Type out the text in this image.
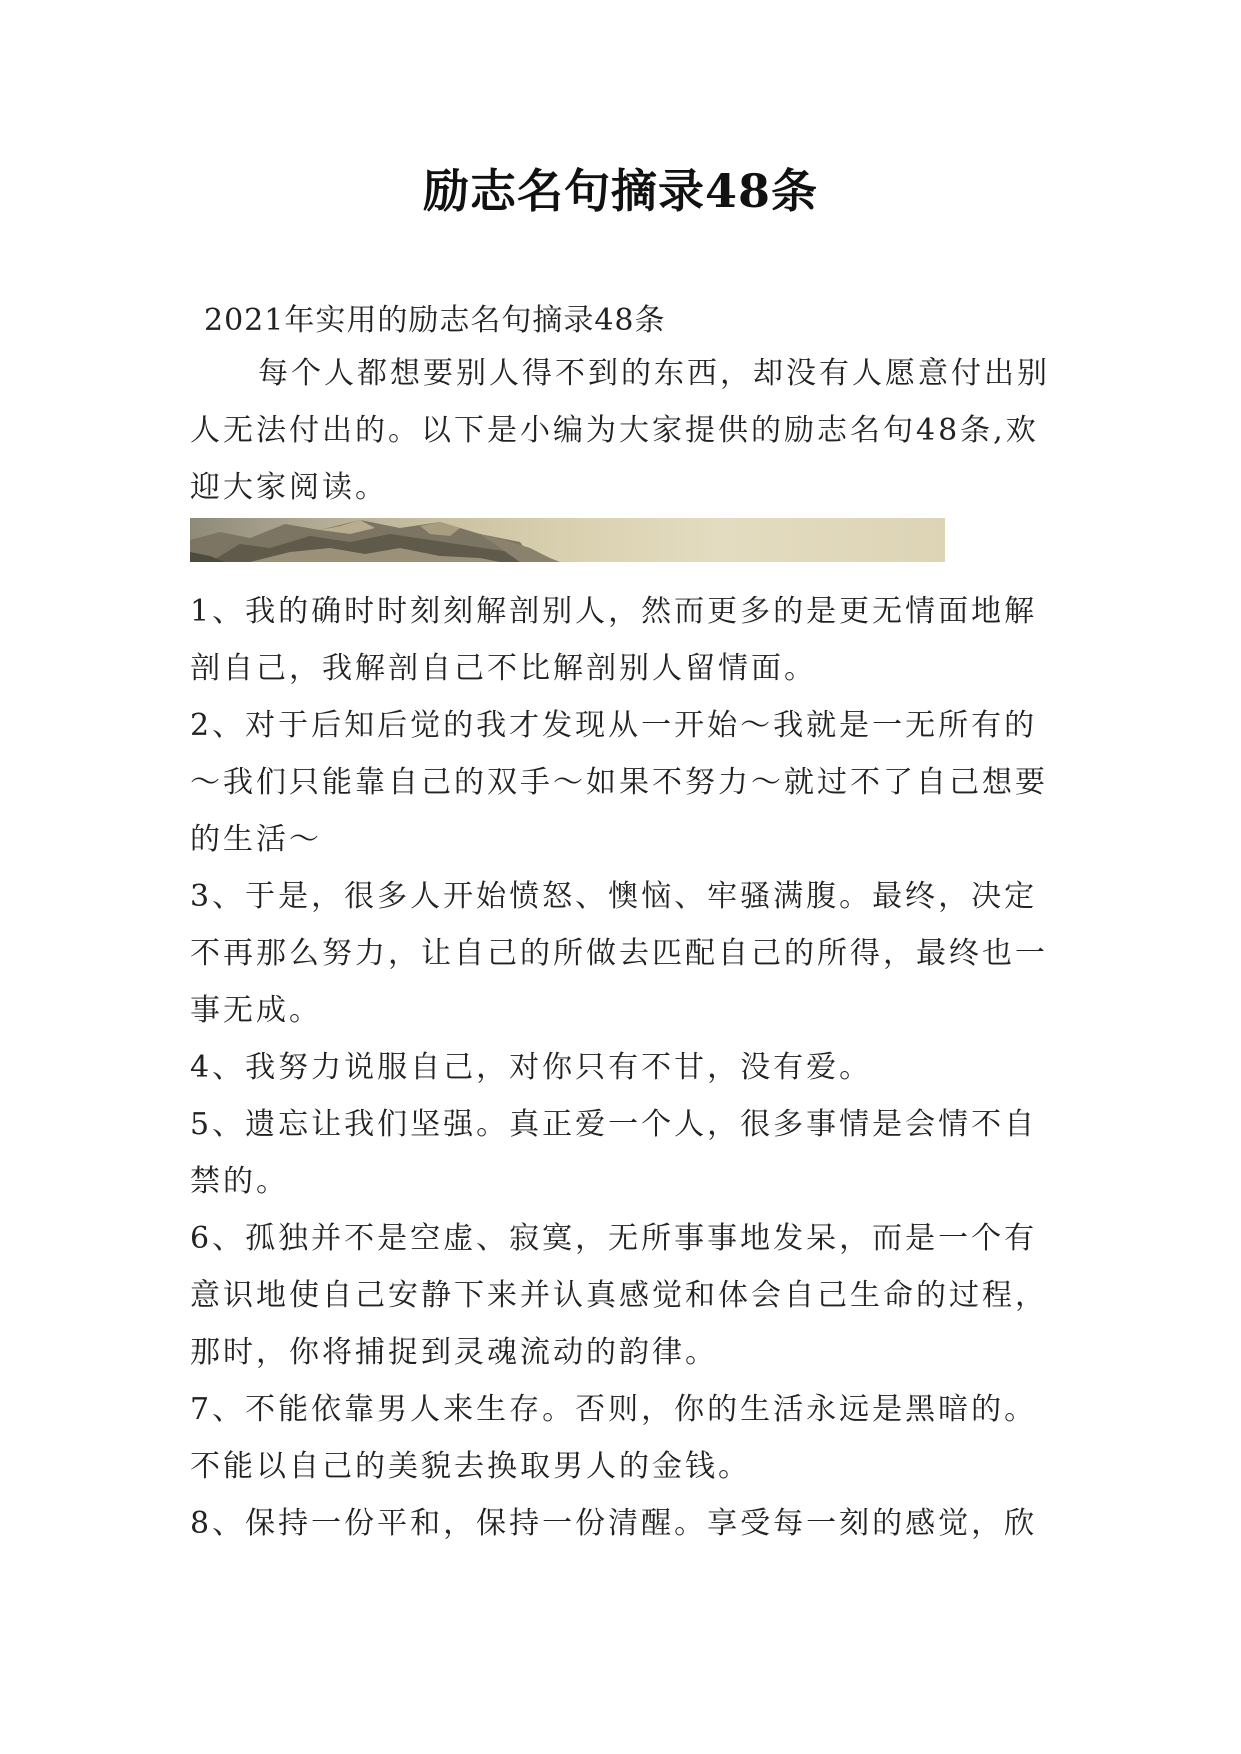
励志名句摘录48条
2021年实用的励志名句摘录48条
每个人都想要别人得不到的东西，却没有人愿意付出别人无法付出的。以下是小编为大家提供的励志名句48条,欢迎大家阅读。

1、我的确时时刻刻解剖别人，然而更多的是更无情面地解剖自己，我解剖自己不比解剖别人留情面。

2、对于后知后觉的我才发现从一开始～我就是一无所有的～我们只能靠自己的双手～如果不努力～就过不了自己想要的生活～

3、于是，很多人开始愤怒、懊恼、牢骚满腹。最终，决定不再那么努力，让自己的所做去匹配自己的所得，最终也一事无成。

4、我努力说服自己，对你只有不甘，没有爱。

5、遗忘让我们坚强。真正爱一个人，很多事情是会情不自禁的。

6、孤独并不是空虚、寂寞，无所事事地发呆，而是一个有意识地使自己安静下来并认真感觉和体会自己生命的过程，那时，你将捕捉到灵魂流动的韵律。

7、不能依靠男人来生存。否则，你的生活永远是黑暗的。不能以自己的美貌去换取男人的金钱。

8、保持一份平和，保持一份清醒。享受每一刻的感觉，欣
